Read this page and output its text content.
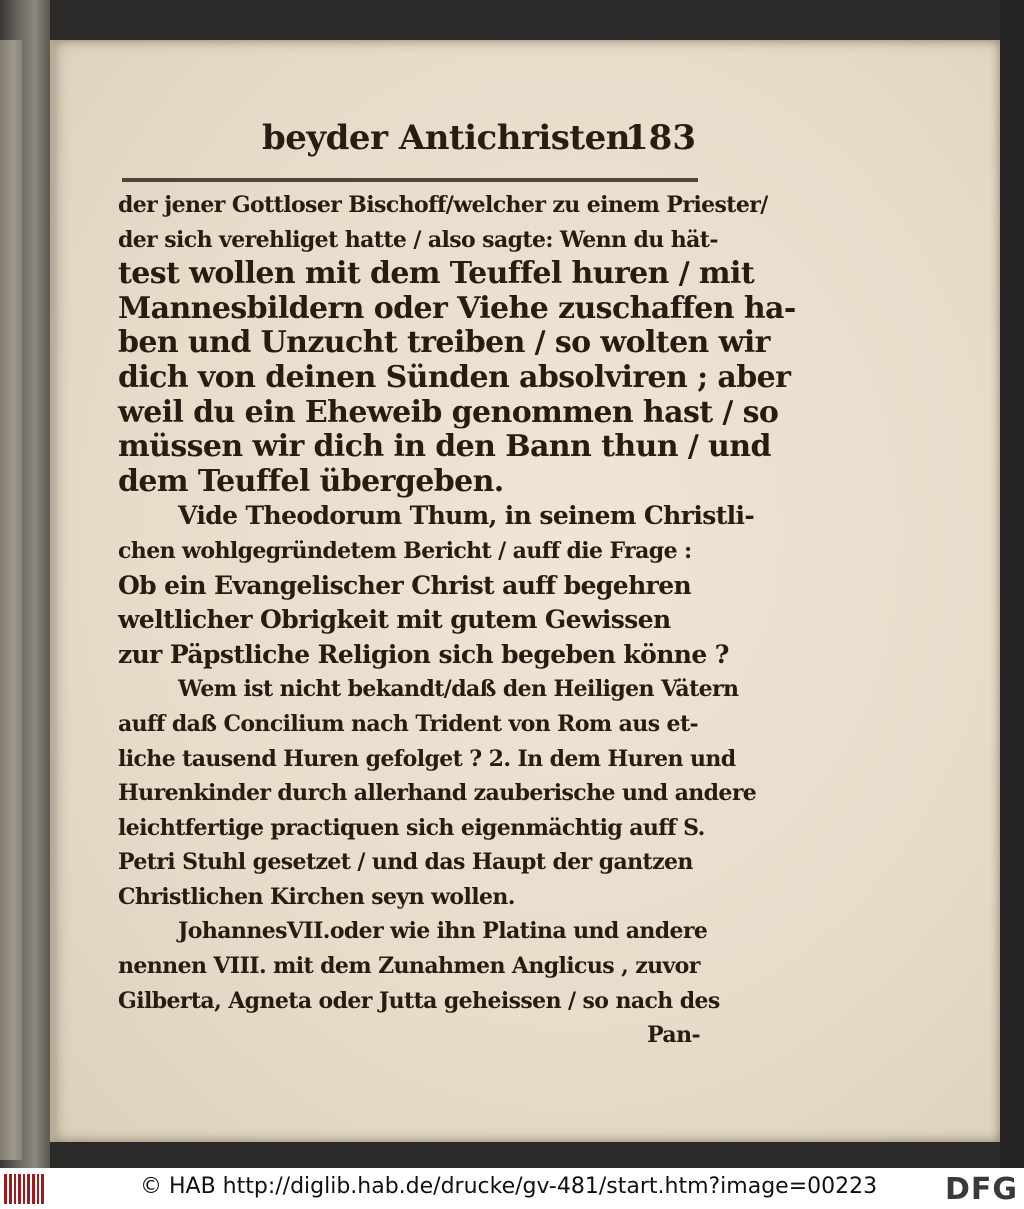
beyder Antichristen.
183
der jener Gottloser Bischoff/welcher zu einem Priester/
der sich verehliget hatte / also sagte: Wenn du hät-
test wollen mit dem Teuffel huren / mit
Mannesbildern oder Viehe zuschaffen ha-
ben und Unzucht treiben / so wolten wir
dich von deinen Sünden absolviren ; aber
weil du ein Eheweib genommen hast / so
müssen wir dich in den Bann thun / und
dem Teuffel übergeben.
Vide Theodorum Thum, in seinem Christli-
chen wohlgegründetem Bericht / auff die Frage :
Ob ein Evangelischer Christ auff begehren
weltlicher Obrigkeit mit gutem Gewissen
zur Päpstliche Religion sich begeben könne ?
Wem ist nicht bekandt/daß den Heiligen Vätern
auff daß Concilium nach Trident von Rom aus et-
liche tausend Huren gefolget ? 2. In dem Huren und
Hurenkinder durch allerhand zauberische und andere
leichtfertige practiquen sich eigenmächtig auff S.
Petri Stuhl gesetzet / und das Haupt der gantzen
Christlichen Kirchen seyn wollen.
JohannesVII.oder wie ihn Platina und andere
nennen VIII. mit dem Zunahmen Anglicus , zuvor
Gilberta, Agneta oder Jutta geheissen / so nach des
Pan-
© HAB http://diglib.hab.de/drucke/gv-481/start.htm?image=00223 DFG
